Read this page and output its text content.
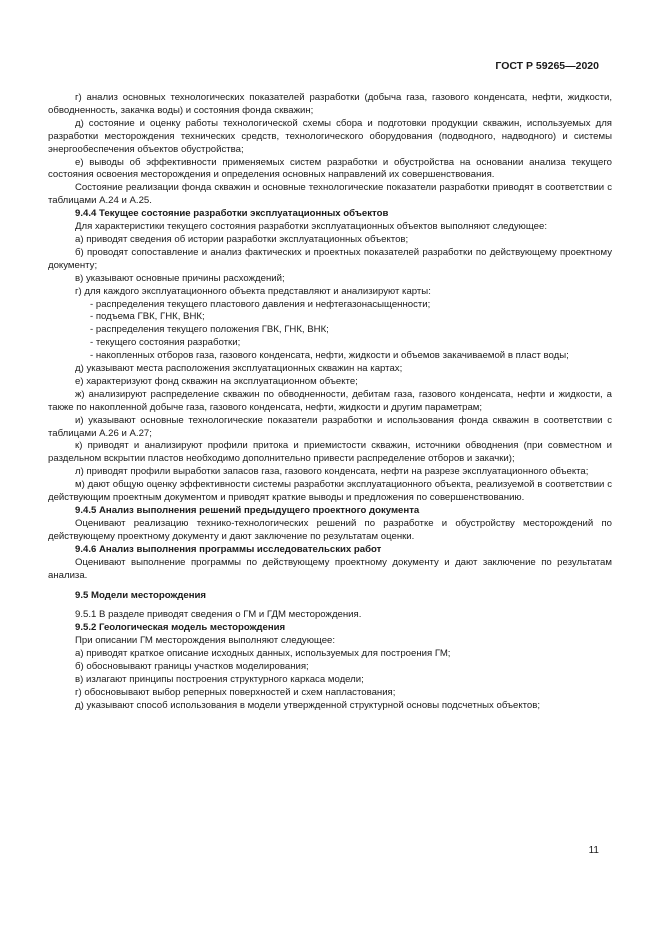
ГОСТ Р 59265—2020

г) анализ основных технологических показателей разработки (добыча газа, газового конденсата, нефти, жидкости, обводненность, закачка воды) и состояния фонда скважин;

д) состояние и оценку работы технологической схемы сбора и подготовки продукции скважин, используемых для разработки месторождения технических средств, технологического оборудования (подводного, надводного) и системы энергообеспечения объектов обустройства;

е) выводы об эффективности применяемых систем разработки и обустройства на основании анализа текущего состояния освоения месторождения и определения основных направлений их совершенствования.

Состояние реализации фонда скважин и основные технологические показатели разработки приводят в соответствии с таблицами А.24 и А.25.

9.4.4 Текущее состояние разработки эксплуатационных объектов

Для характеристики текущего состояния разработки эксплуатационных объектов выполняют следующее:

а) приводят сведения об истории разработки эксплуатационных объектов;

б) проводят сопоставление и анализ фактических и проектных показателей разработки по действующему проектному документу;

в) указывают основные причины расхождений;

г) для каждого эксплуатационного объекта представляют и анализируют карты:

- распределения текущего пластового давления и нефтегазонасыщенности;

- подъема ГВК, ГНК, ВНК;

- распределения текущего положения ГВК, ГНК, ВНК;

- текущего состояния разработки;

- накопленных отборов газа, газового конденсата, нефти, жидкости и объемов закачиваемой в пласт воды;

д) указывают места расположения эксплуатационных скважин на картах;

е) характеризуют фонд скважин на эксплуатационном объекте;

ж) анализируют распределение скважин по обводненности, дебитам газа, газового конденсата, нефти и жидкости, а также по накопленной добыче газа, газового конденсата, нефти, жидкости и другим параметрам;

и) указывают основные технологические показатели разработки и использования фонда скважин в соответствии с таблицами А.26 и А.27;

к) приводят и анализируют профили притока и приемистости скважин, источники обводнения (при совместном и раздельном вскрытии пластов необходимо дополнительно привести распределение отборов и закачки);

л) приводят профили выработки запасов газа, газового конденсата, нефти на разрезе эксплуатационного объекта;

м) дают общую оценку эффективности системы разработки эксплуатационного объекта, реализуемой в соответствии с действующим проектным документом и приводят краткие выводы и предложения по совершенствованию.

9.4.5 Анализ выполнения решений предыдущего проектного документа

Оценивают реализацию технико-технологических решений по разработке и обустройству месторождений по действующему проектному документу и дают заключение по результатам оценки.

9.4.6 Анализ выполнения программы исследовательских работ

Оценивают выполнение программы по действующему проектному документу и дают заключение по результатам анализа.

9.5 Модели месторождения

9.5.1 В разделе приводят сведения о ГМ и ГДМ месторождения.

9.5.2 Геологическая модель месторождения

При описании ГМ месторождения выполняют следующее:

а) приводят краткое описание исходных данных, используемых для построения ГМ;

б) обосновывают границы участков моделирования;

в) излагают принципы построения структурного каркаса модели;

г) обосновывают выбор реперных поверхностей и схем напластования;

д) указывают способ использования в модели утвержденной структурной основы подсчетных объектов;

11
